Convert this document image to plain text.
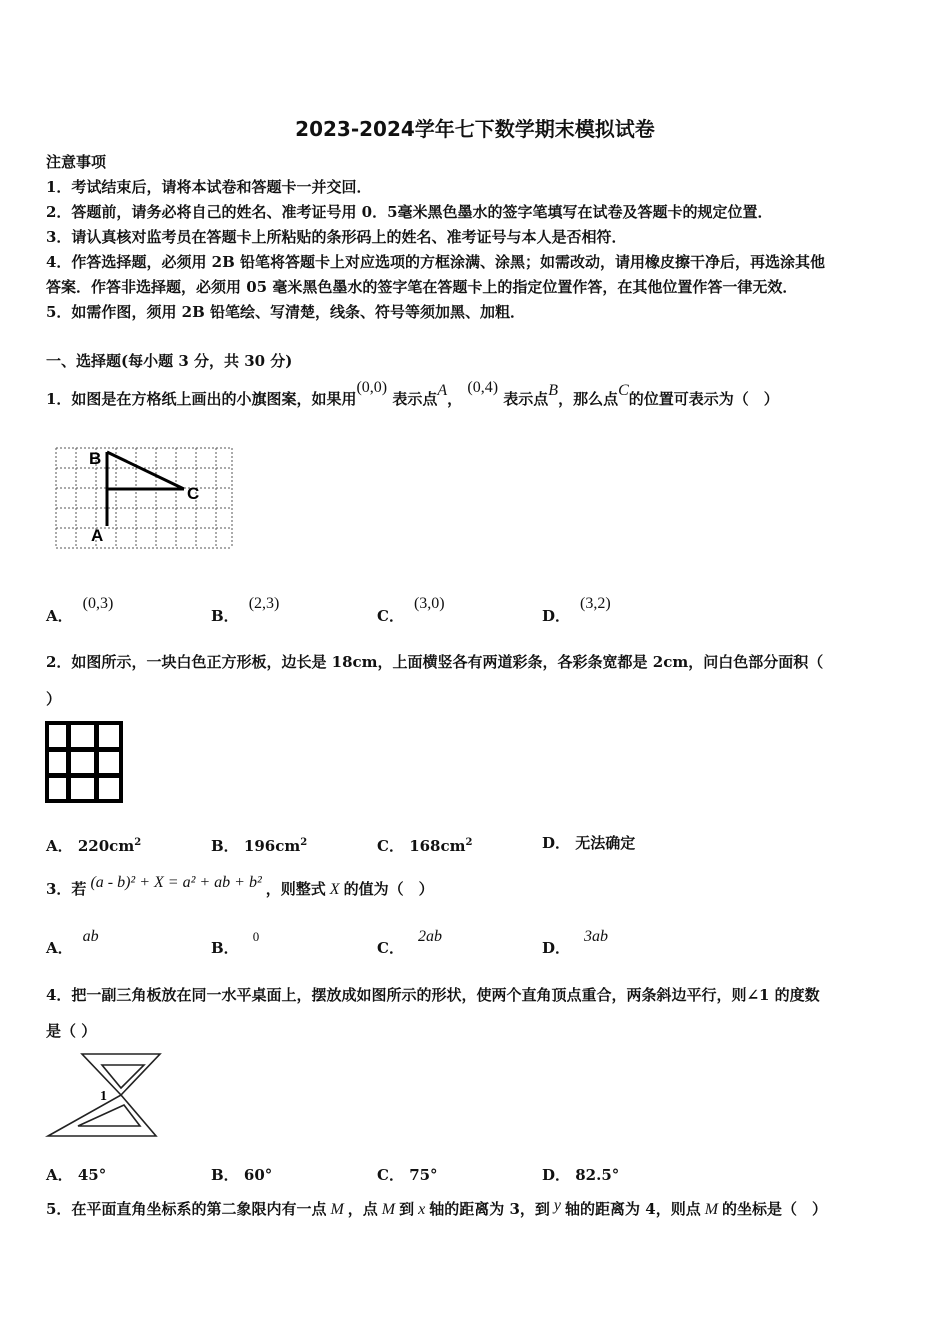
2023-2024学年七下数学期末模拟试卷
注意事项
1．考试结束后，请将本试卷和答题卡一并交回．
2．答题前，请务必将自己的姓名、准考证号用 0．5毫米黑色墨水的签字笔填写在试卷及答题卡的规定位置．
3．请认真核对监考员在答题卡上所粘贴的条形码上的姓名、准考证号与本人是否相符．
4．作答选择题，必须用 2B 铅笔将答题卡上对应选项的方框涂满、涂黑；如需改动，请用橡皮擦干净后，再选涂其他
答案．作答非选择题，必须用 05 毫米黑色墨水的签字笔在答题卡上的指定位置作答，在其他位置作答一律无效．
5．如需作图，须用 2B 铅笔绘、写清楚，线条、符号等须加黑、加粗．
一、选择题(每小题 3 分，共 30 分)
1．如图是在方格纸上画出的小旗图案，如果用(0,0) 表示点A， (0,4) 表示点B，那么点C的位置可表示为（　）
B
C
A
A．(0,3)
B．(2,3)
C．(3,0)
D．(3,2)
2．如图所示，一块白色正方形板，边长是 18cm，上面横竖各有两道彩条，各彩条宽都是 2cm，问白色部分面积（
）
A． $220cm^2$	B． $196cm^2$	C． $168cm^2$	D． 无法确定
3．若 (a - b)² + X = a² + ab + b² ，则整式 X 的值为（　）
A．ab
B．0
C．2ab
D．3ab
4．把一副三角板放在同一水平桌面上，摆放成如图所示的形状，使两个直角顶点重合，两条斜边平行，则∠1 的度数
是（ ）
1
A． 45°	B． 60°	C． 75°	D． 82.5°
5．在平面直角坐标系的第二象限内有一点 M ，点 M 到 x 轴的距离为 3，到 y 轴的距离为 4，则点 M 的坐标是（　）
